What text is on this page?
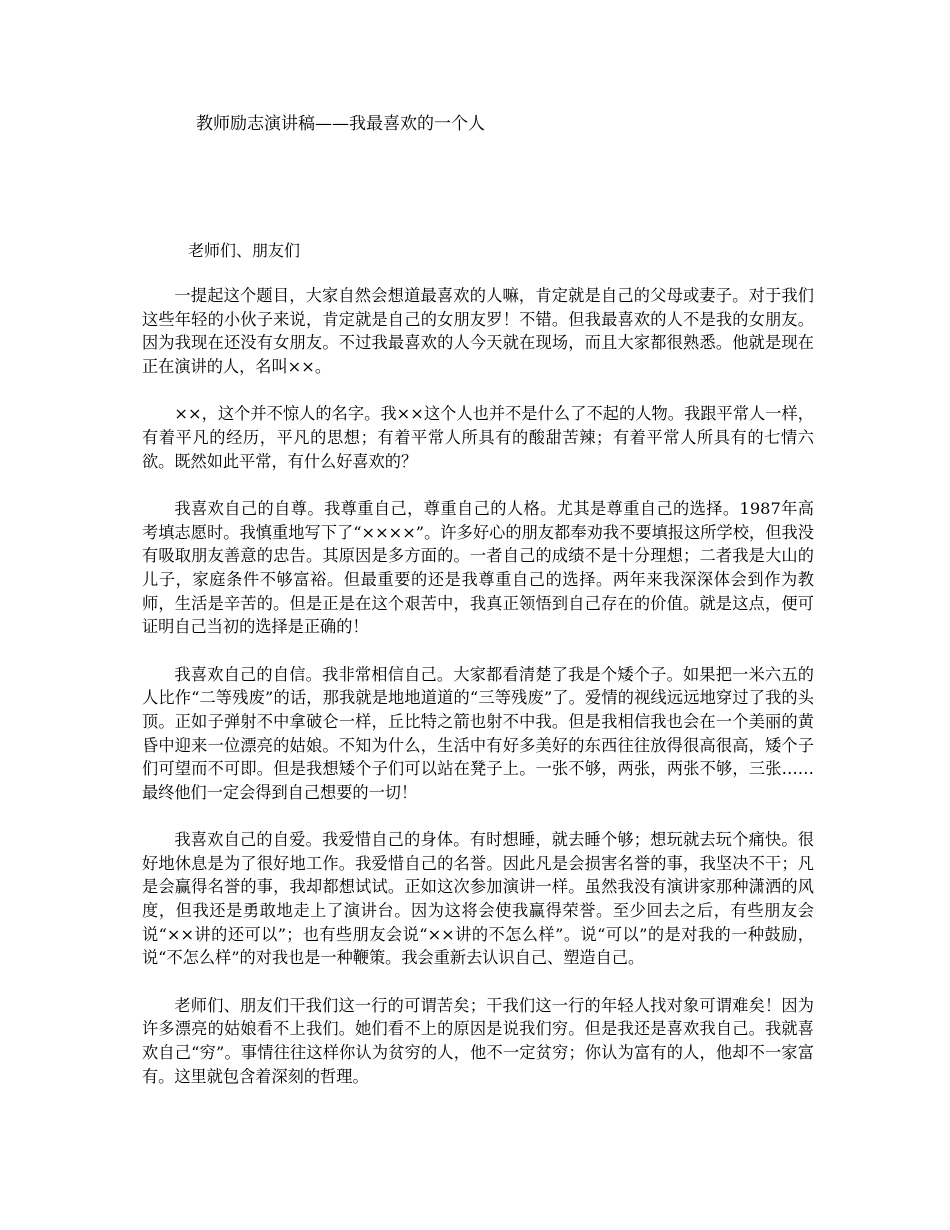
教师励志演讲稿——我最喜欢的一个人
老师们、朋友们

一提起这个题目，大家自然会想道最喜欢的人嘛，肯定就是自己的父母或妻子。对于我们这些年轻的小伙子来说，肯定就是自己的女朋友罗！不错。但我最喜欢的人不是我的女朋友。因为我现在还没有女朋友。不过我最喜欢的人今天就在现场，而且大家都很熟悉。他就是现在正在演讲的人，名叫××。

××，这个并不惊人的名字。我××这个人也并不是什么了不起的人物。我跟平常人一样，有着平凡的经历，平凡的思想；有着平常人所具有的酸甜苦辣；有着平常人所具有的七情六欲。既然如此平常，有什么好喜欢的？

我喜欢自己的自尊。我尊重自己，尊重自己的人格。尤其是尊重自己的选择。1987年高考填志愿时。我慎重地写下了“××××”。许多好心的朋友都奉劝我不要填报这所学校，但我没有吸取朋友善意的忠告。其原因是多方面的。一者自己的成绩不是十分理想；二者我是大山的儿子，家庭条件不够富裕。但最重要的还是我尊重自己的选择。两年来我深深体会到作为教师，生活是辛苦的。但是正是在这个艰苦中，我真正领悟到自己存在的价值。就是这点，便可证明自己当初的选择是正确的！

我喜欢自己的自信。我非常相信自己。大家都看清楚了我是个矮个子。如果把一米六五的人比作“二等残废”的话，那我就是地地道道的“三等残废”了。爱情的视线远远地穿过了我的头顶。正如子弹射不中拿破仑一样，丘比特之箭也射不中我。但是我相信我也会在一个美丽的黄昏中迎来一位漂亮的姑娘。不知为什么，生活中有好多美好的东西往往放得很高很高，矮个子们可望而不可即。但是我想矮个子们可以站在凳子上。一张不够，两张，两张不够，三张……最终他们一定会得到自己想要的一切！

我喜欢自己的自爱。我爱惜自己的身体。有时想睡，就去睡个够；想玩就去玩个痛快。很好地休息是为了很好地工作。我爱惜自己的名誉。因此凡是会损害名誉的事，我坚决不干；凡是会赢得名誉的事，我却都想试试。正如这次参加演讲一样。虽然我没有演讲家那种潇洒的风度，但我还是勇敢地走上了演讲台。因为这将会使我赢得荣誉。至少回去之后，有些朋友会说“××讲的还可以”；也有些朋友会说“××讲的不怎么样”。说“可以”的是对我的一种鼓励，说“不怎么样”的对我也是一种鞭策。我会重新去认识自己、塑造自己。

老师们、朋友们干我们这一行的可谓苦矣；干我们这一行的年轻人找对象可谓难矣！因为许多漂亮的姑娘看不上我们。她们看不上的原因是说我们穷。但是我还是喜欢我自己。我就喜欢自己“穷”。事情往往这样你认为贫穷的人，他不一定贫穷；你认为富有的人，他却不一家富有。这里就包含着深刻的哲理。
